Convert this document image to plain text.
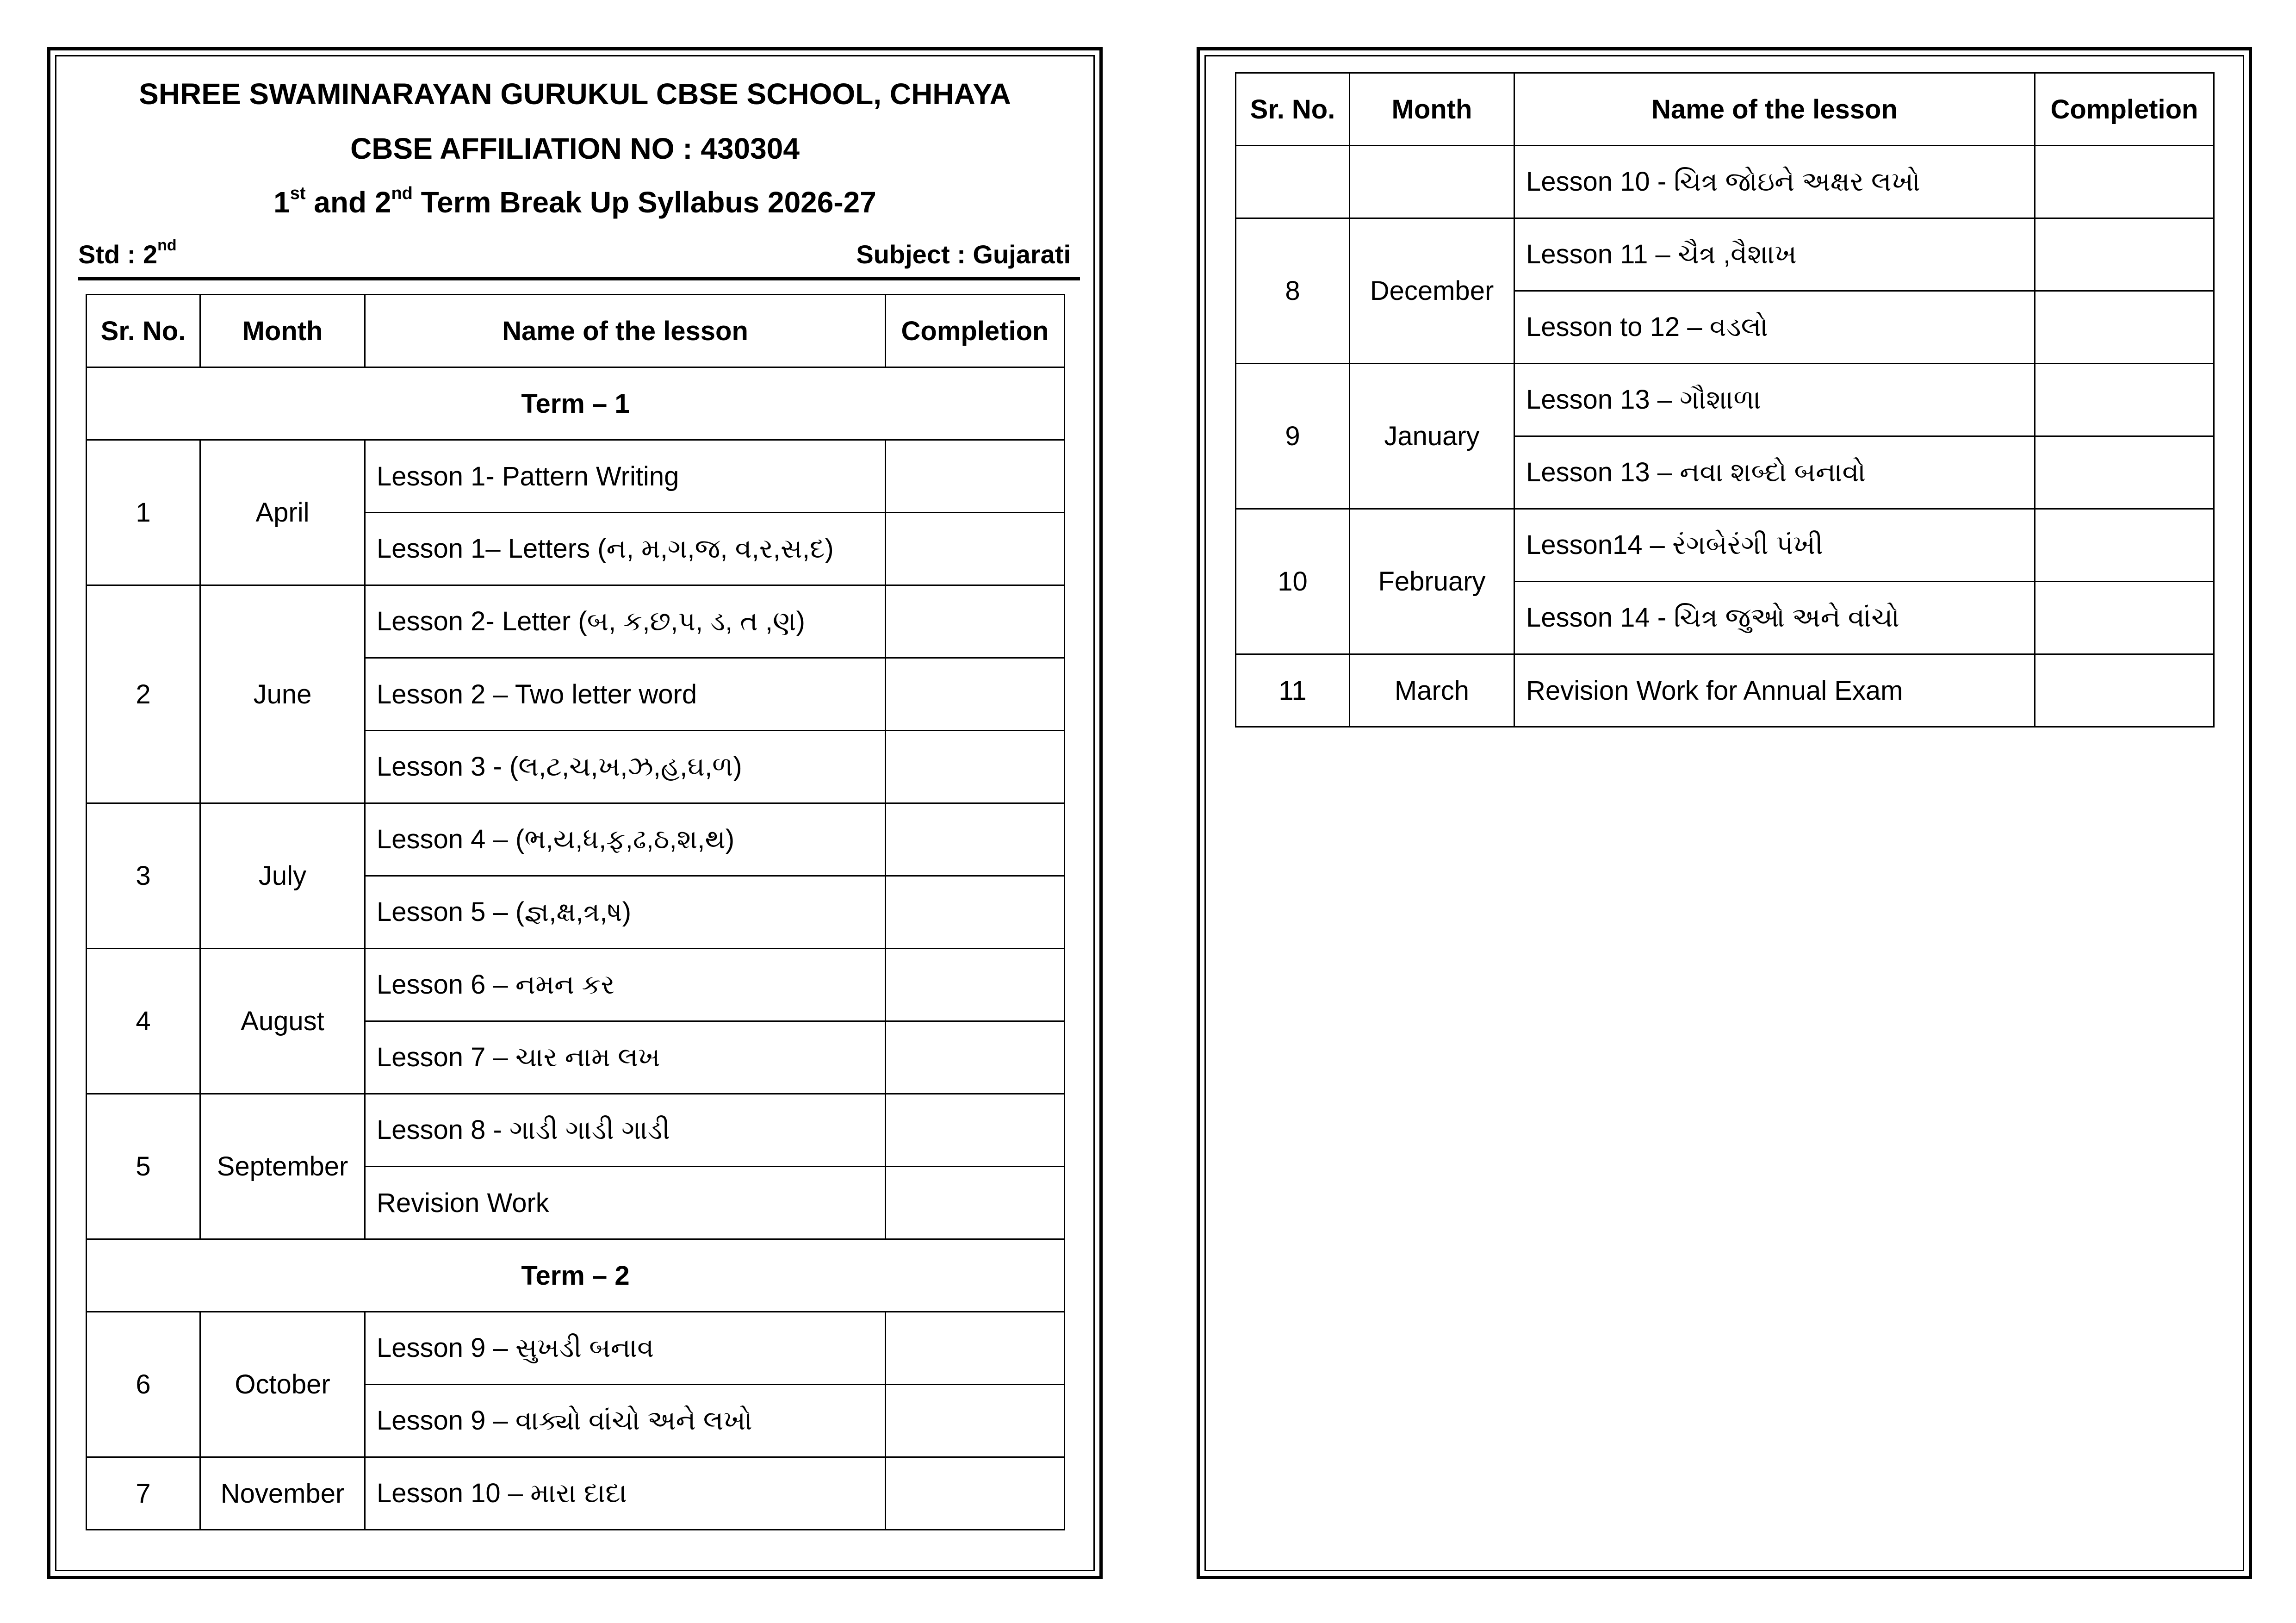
SHREE SWAMINARAYAN GURUKUL CBSE SCHOOL, CHHAYA
CBSE AFFILIATION NO : 430304
1st and 2nd Term Break Up Syllabus 2026-27
Std : 2nd	Subject : Gujarati
Sr. No.	Month	Name of the lesson	Completion
Term – 1			
1	April	Lesson 1- Pattern Writing	
		Lesson 1– Letters (ન, મ,ગ,જ, વ,ર,સ,દ)	
2	June	Lesson 2- Letter (બ, ક,છ,પ, ડ, ત ,ણ)	
		Lesson 2 – Two letter word	
		Lesson 3 - (લ,ટ,ચ,ખ,ઝ,હ,ઘ,ળ)	
3	July	Lesson 4 – (ભ,ય,ધ,ફ,ઢ,ઠ,શ,થ)	
		Lesson 5 – (જ્ઞ,ક્ષ,ત્ર,ષ)	
4	August	Lesson 6 – નમન કર	
		Lesson 7 – ચાર નામ લખ	
5	September	Lesson 8 - ગાડી ગાડી ગાડી	
		Revision Work	
Term – 2			
6	October	Lesson 9 – સુખડી બનાવ	
		Lesson 9 – વાક્યો વાંચો અને લખો	
7	November	Lesson 10 – મારા દાદા	
Sr. No.	Month	Name of the lesson	Completion
		Lesson 10 - ચિત્ર જોઇને અક્ષર લખો	
8	December	Lesson 11 – ચૈત્ર ,વૈશાખ	
		Lesson to 12 – વડલો	
9	January	Lesson 13 – ગૌશાળા	
		Lesson 13 – નવા શબ્દો બનાવો	
10	February	Lesson14 – રંગબેરંગી પંખી	
		Lesson 14 - ચિત્ર જુઓ અને વાંચો	
11	March	Revision Work for Annual Exam	
